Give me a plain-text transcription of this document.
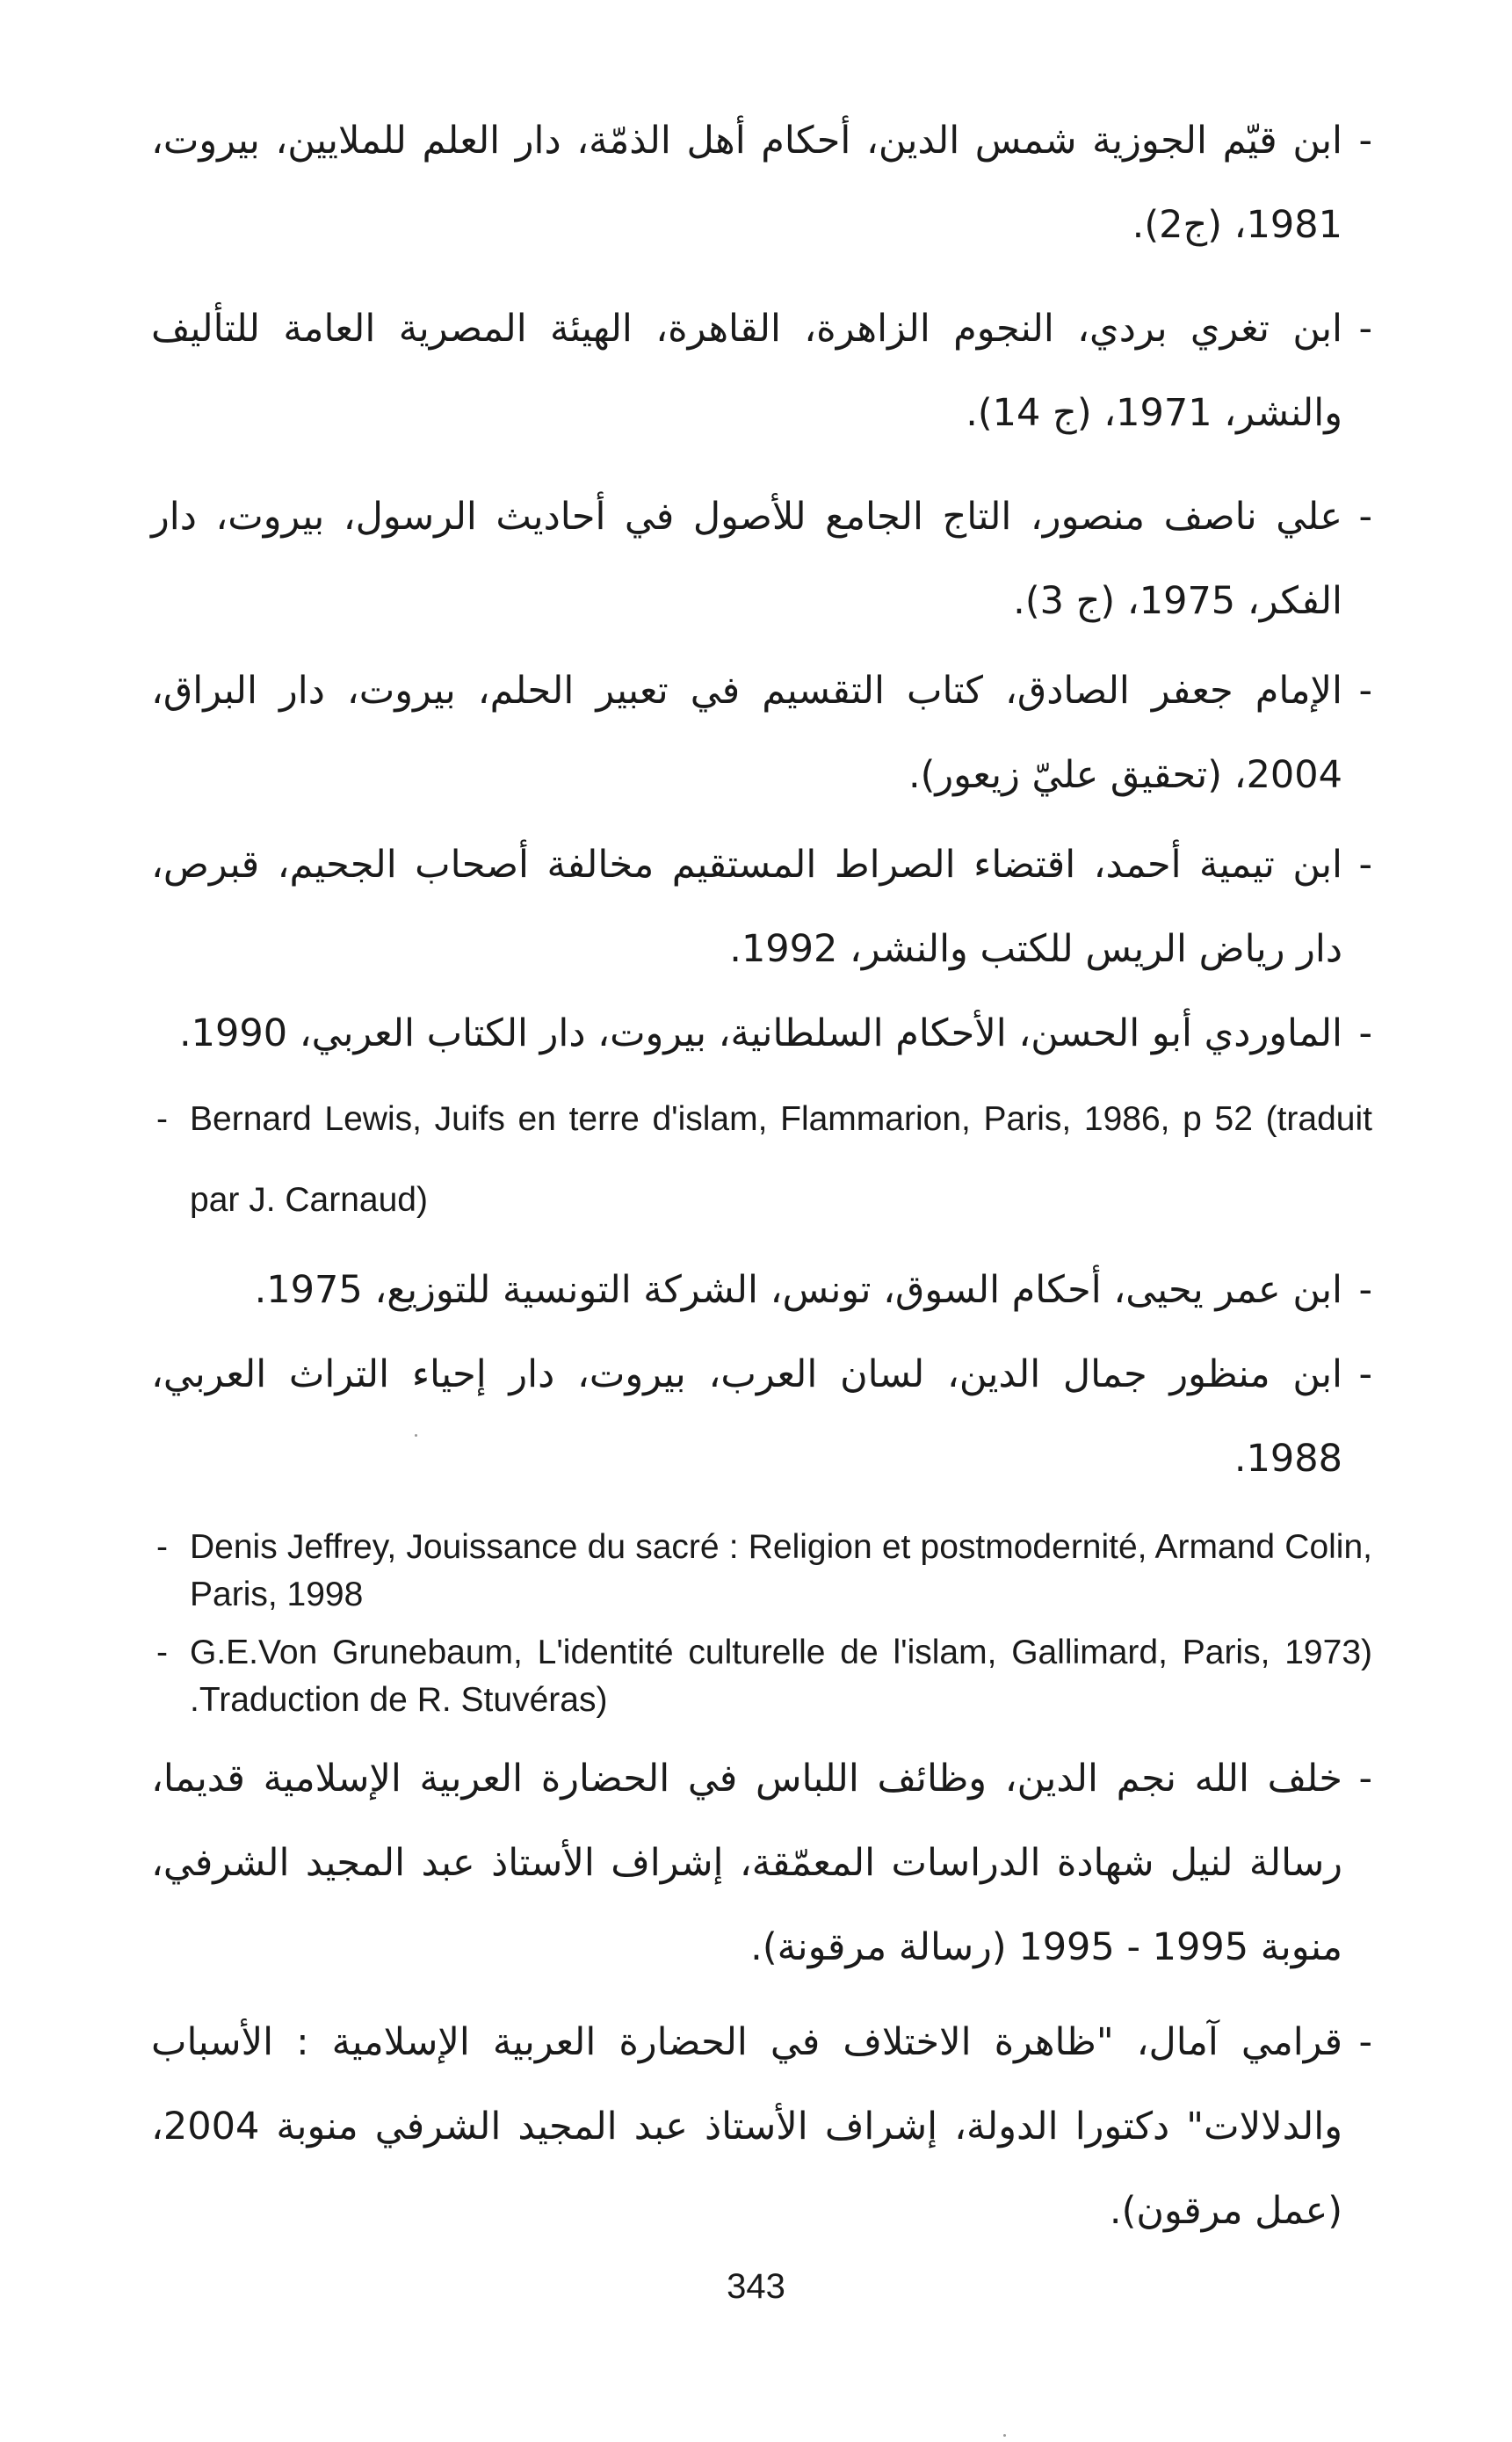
- ابن قيّم الجوزية شمس الدين، أحكام أهل الذمّة، دار العلم للملايين، بيروت، 1981، (ج2).

- ابن تغري بردي، النجوم الزاهرة، القاهرة، الهيئة المصرية العامة للتأليف والنشر، 1971، (ج 14).

- علي ناصف منصور، التاج الجامع للأصول في أحاديث الرسول، بيروت، دار الفكر، 1975، (ج 3).

- الإمام جعفر الصادق، كتاب التقسيم في تعبير الحلم، بيروت، دار البراق، 2004، (تحقيق عليّ زيعور).

- ابن تيمية أحمد، اقتضاء الصراط المستقيم مخالفة أصحاب الجحيم، قبرص، دار رياض الريس للكتب والنشر، 1992.

- الماوردي أبو الحسن، الأحكام السلطانية، بيروت، دار الكتاب العربي، 1990.

- Bernard Lewis, Juifs en terre d'islam, Flammarion, Paris, 1986, p 52 (traduit par J. Carnaud)

- ابن عمر يحيى، أحكام السوق، تونس، الشركة التونسية للتوزيع، 1975.

- ابن منظور جمال الدين، لسان العرب، بيروت، دار إحياء التراث العربي، 1988.

- Denis Jeffrey, Jouissance du sacré : Religion et postmodernité, Armand Colin, Paris, 1998

- G.E.Von Grunebaum, L'identité culturelle de l'islam, Gallimard, Paris, 1973) .Traduction de R. Stuvéras)

- خلف الله نجم الدين، وظائف اللباس في الحضارة العربية الإسلامية قديما، رسالة لنيل شهادة الدراسات المعمّقة، إشراف الأستاذ عبد المجيد الشرفي، منوبة 1995 - 1995 (رسالة مرقونة).

- قرامي آمال، "ظاهرة الاختلاف في الحضارة العربية الإسلامية : الأسباب والدلالات" دكتورا الدولة، إشراف الأستاذ عبد المجيد الشرفي منوبة 2004، (عمل مرقون).

343
